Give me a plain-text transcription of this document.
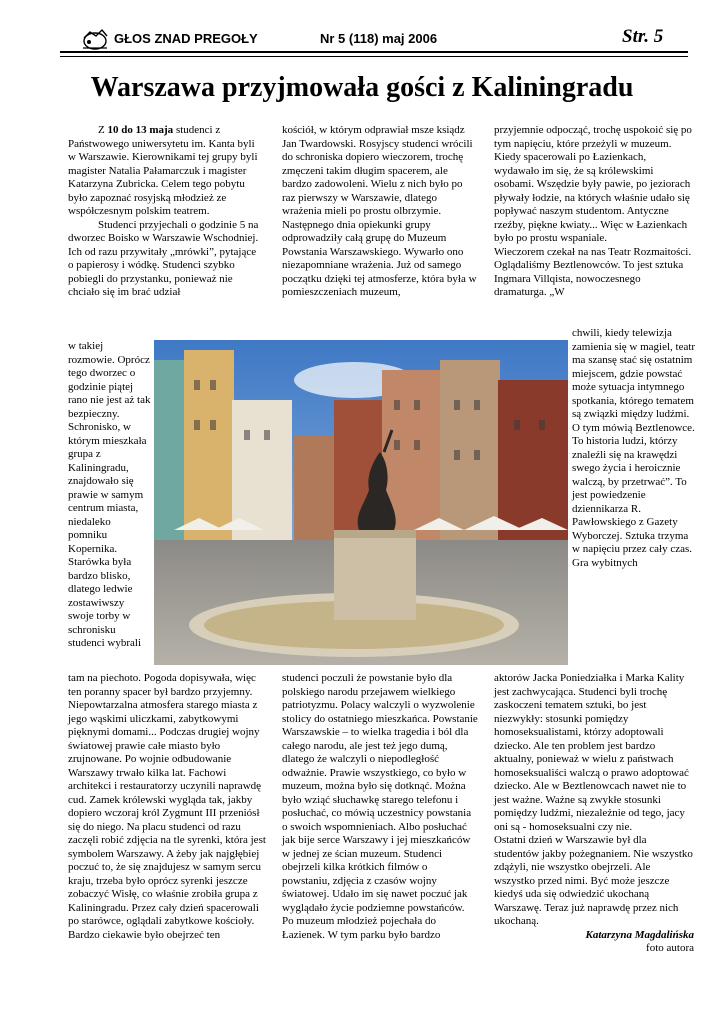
GŁOS ZNAD PREGOŁY	Nr 5 (118) maj 2006	Str. 5
Warszawa przyjmowała gości z Kaliningradu

Z 10 do 13 maja studenci z Państwowego uniwersytetu im. Kanta byli w Warszawie. Kierownikami tej grupy byli magister Natalia Pałamarczuk i magister Katarzyna Zubricka. Celem tego pobytu było zapoznać rosyjską młodzież ze współczesnym polskim teatrem.

Studenci przyjechali o godzinie 5 na dworzec Boisko w Warszawie Wschodniej. Ich od razu przywitały „mrówki”, pytające o papierosy i wódkę. Studenci szybko pobiegli do przystanku, ponieważ nie chciało się im brać udział

w takiej rozmowie. Oprócz tego dworzec o godzinie piątej rano nie jest aż tak bezpieczny. Schronisko, w którym mieszkała grupa z Kaliningradu, znajdowało się prawie w samym centrum miasta, niedaleko pomniku Kopernika. Starówka była bardzo blisko, dlatego ledwie zostawiwszy swoje torby w schronisku studenci wybrali

tam na piechoto. Pogoda dopisywała, więc ten poranny spacer był bardzo przyjemny. Niepowtarzalna atmosfera starego miasta z jego wąskimi uliczkami, zabytkowymi pięknymi domami... Podczas drugiej wojny światowej prawie całe miasto było zrujnowane. Po wojnie odbudowanie Warszawy trwało kilka lat. Fachowi architekci i restauratorzy uczynili naprawdę cud. Zamek królewski wygląda tak, jakby dopiero wczoraj król Zygmunt III przeniósł się do niego. Na placu studenci od razu zaczęli robić zdjęcia na tle syrenki, która jest symbolem Warszawy. A żeby jak najgłębiej poczuć to, że się znajdujesz w samym sercu kraju, trzeba było oprócz syrenki jeszcze zobaczyć Wisłę, co właśnie zrobiła grupa z Kaliningradu. Przez cały dzień spacerowali po starówce, oglądali zabytkowe kościoły. Bardzo ciekawie było obejrzeć ten

kościół, w którym odprawiał msze ksiądz Jan Twardowski. Rosyjscy studenci wrócili do schroniska dopiero wieczorem, trochę zmęczeni takim długim spacerem, ale bardzo zadowoleni. Wielu z nich było po raz pierwszy w Warszawie, dlatego wrażenia mieli po prostu olbrzymie.

Następnego dnia opiekunki grupy odprowadziły całą grupę do Muzeum Powstania Warszawskiego. Wywarło ono niezapomniane wrażenia. Już od samego początku dzięki tej atmosferze, która była w pomieszczeniach muzeum,

studenci poczuli że powstanie było dla polskiego narodu przejawem wielkiego patriotyzmu. Polacy walczyli o wyzwolenie stolicy do ostatniego mieszkańca. Powstanie Warszawskie – to wielka tragedia i ból dla całego narodu, ale jest też jego dumą, dlatego że walczyli o niepodległość odważnie. Prawie wszystkiego, co było w muzeum, można było się dotknąć. Można było wziąć słuchawkę starego telefonu i posłuchać, co mówią uczestnicy powstania o swoich wspomnieniach. Albo posłuchać jak bije serce Warszawy i jej mieszkańców w jednej ze ścian muzeum. Studenci obejrzeli kilka krótkich filmów o powstaniu, zdjęcia z czasów wojny światowej. Udało im się nawet poczuć jak wyglądało życie podziemne powstańców.

Po muzeum młodzież pojechała do Łazienek. W tym parku było bardzo

przyjemnie odpocząć, trochę uspokoić się po tym napięciu, które przeżyli w muzeum. Kiedy spacerowali po Łazienkach, wydawało im się, że są królewskimi osobami. Wszędzie były pawie, po jeziorach pływały łodzie, na których właśnie udało się popływać naszym studentom. Antyczne rzeźby, piękne kwiaty... Więc w Łazienkach było po prostu wspaniale.

Wieczorem czekał na nas Teatr Rozmaitości. Oglądaliśmy Beztlenowców. To jest sztuka Ingmara Villqista, nowoczesnego dramaturga. „W

chwili, kiedy telewizja zamienia się w magiel, teatr ma szansę stać się ostatnim miejscem, gdzie powstać może sytuacja intymnego spotkania, którego tematem są związki między ludźmi. O tym mówią Beztlenowce. To historia ludzi, którzy znaleźli się na krawędzi swego życia i heroicznie walczą, by przetrwać”. To jest powiedzenie dziennikarza R. Pawłowskiego z Gazety Wyborczej. Sztuka trzyma w napięciu przez cały czas. Gra wybitnych

aktorów Jacka Poniedziałka i Marka Kality jest zachwycająca. Studenci byli trochę zaskoczeni tematem sztuki, bo jest niezwykły: stosunki pomiędzy homoseksualistami, którzy adoptowali dziecko. Ale ten problem jest bardzo aktualny, ponieważ w wielu z państwach homoseksualiści walczą o prawo adoptować dziecko. Ale w Beztlenowcach nawet nie to jest ważne. Ważne są zwykłe stosunki pomiędzy ludźmi, niezależnie od tego, jacy oni są - homoseksualni czy nie.

Ostatni dzień w Warszawie był dla studentów jakby pożegnaniem. Nie wszystko zdążyli, nie wszystko obejrzeli. Ale wszystko przed nimi. Być może jeszcze kiedyś uda się odwiedzić ukochaną Warszawę. Teraz już naprawdę przez nich ukochaną.

Katarzyna Magdalińska

foto autora
